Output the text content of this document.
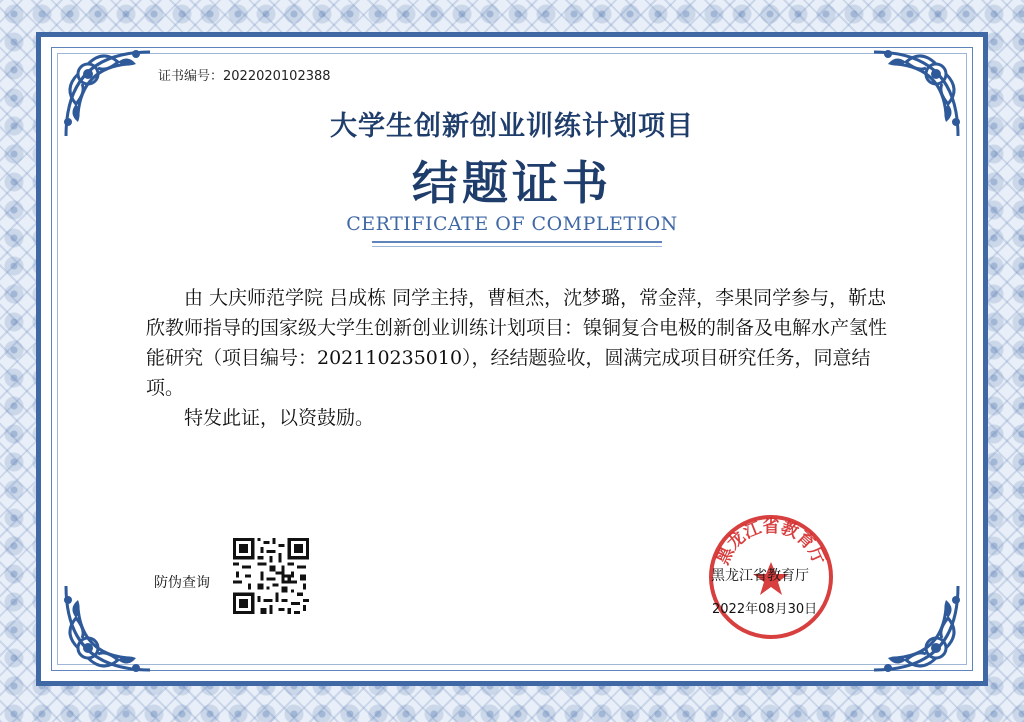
证书编号：2022020102388
大学生创新创业训练计划项目
结题证书
CERTIFICATE OF COMPLETION

由 大庆师范学院 吕成栋 同学主持，曹桓杰，沈梦璐，常金萍，李果同学参与，靳忠欣教师指导的国家级大学生创新创业训练计划项目：镍铜复合电极的制备及电解水产氢性能研究（项目编号：202110235010），经结题验收，圆满完成项目研究任务，同意结项。

特发此证，以资鼓励。

防伪查询
黑龙江省教育厅
黑龙江省教育厅
2022年08月30日
